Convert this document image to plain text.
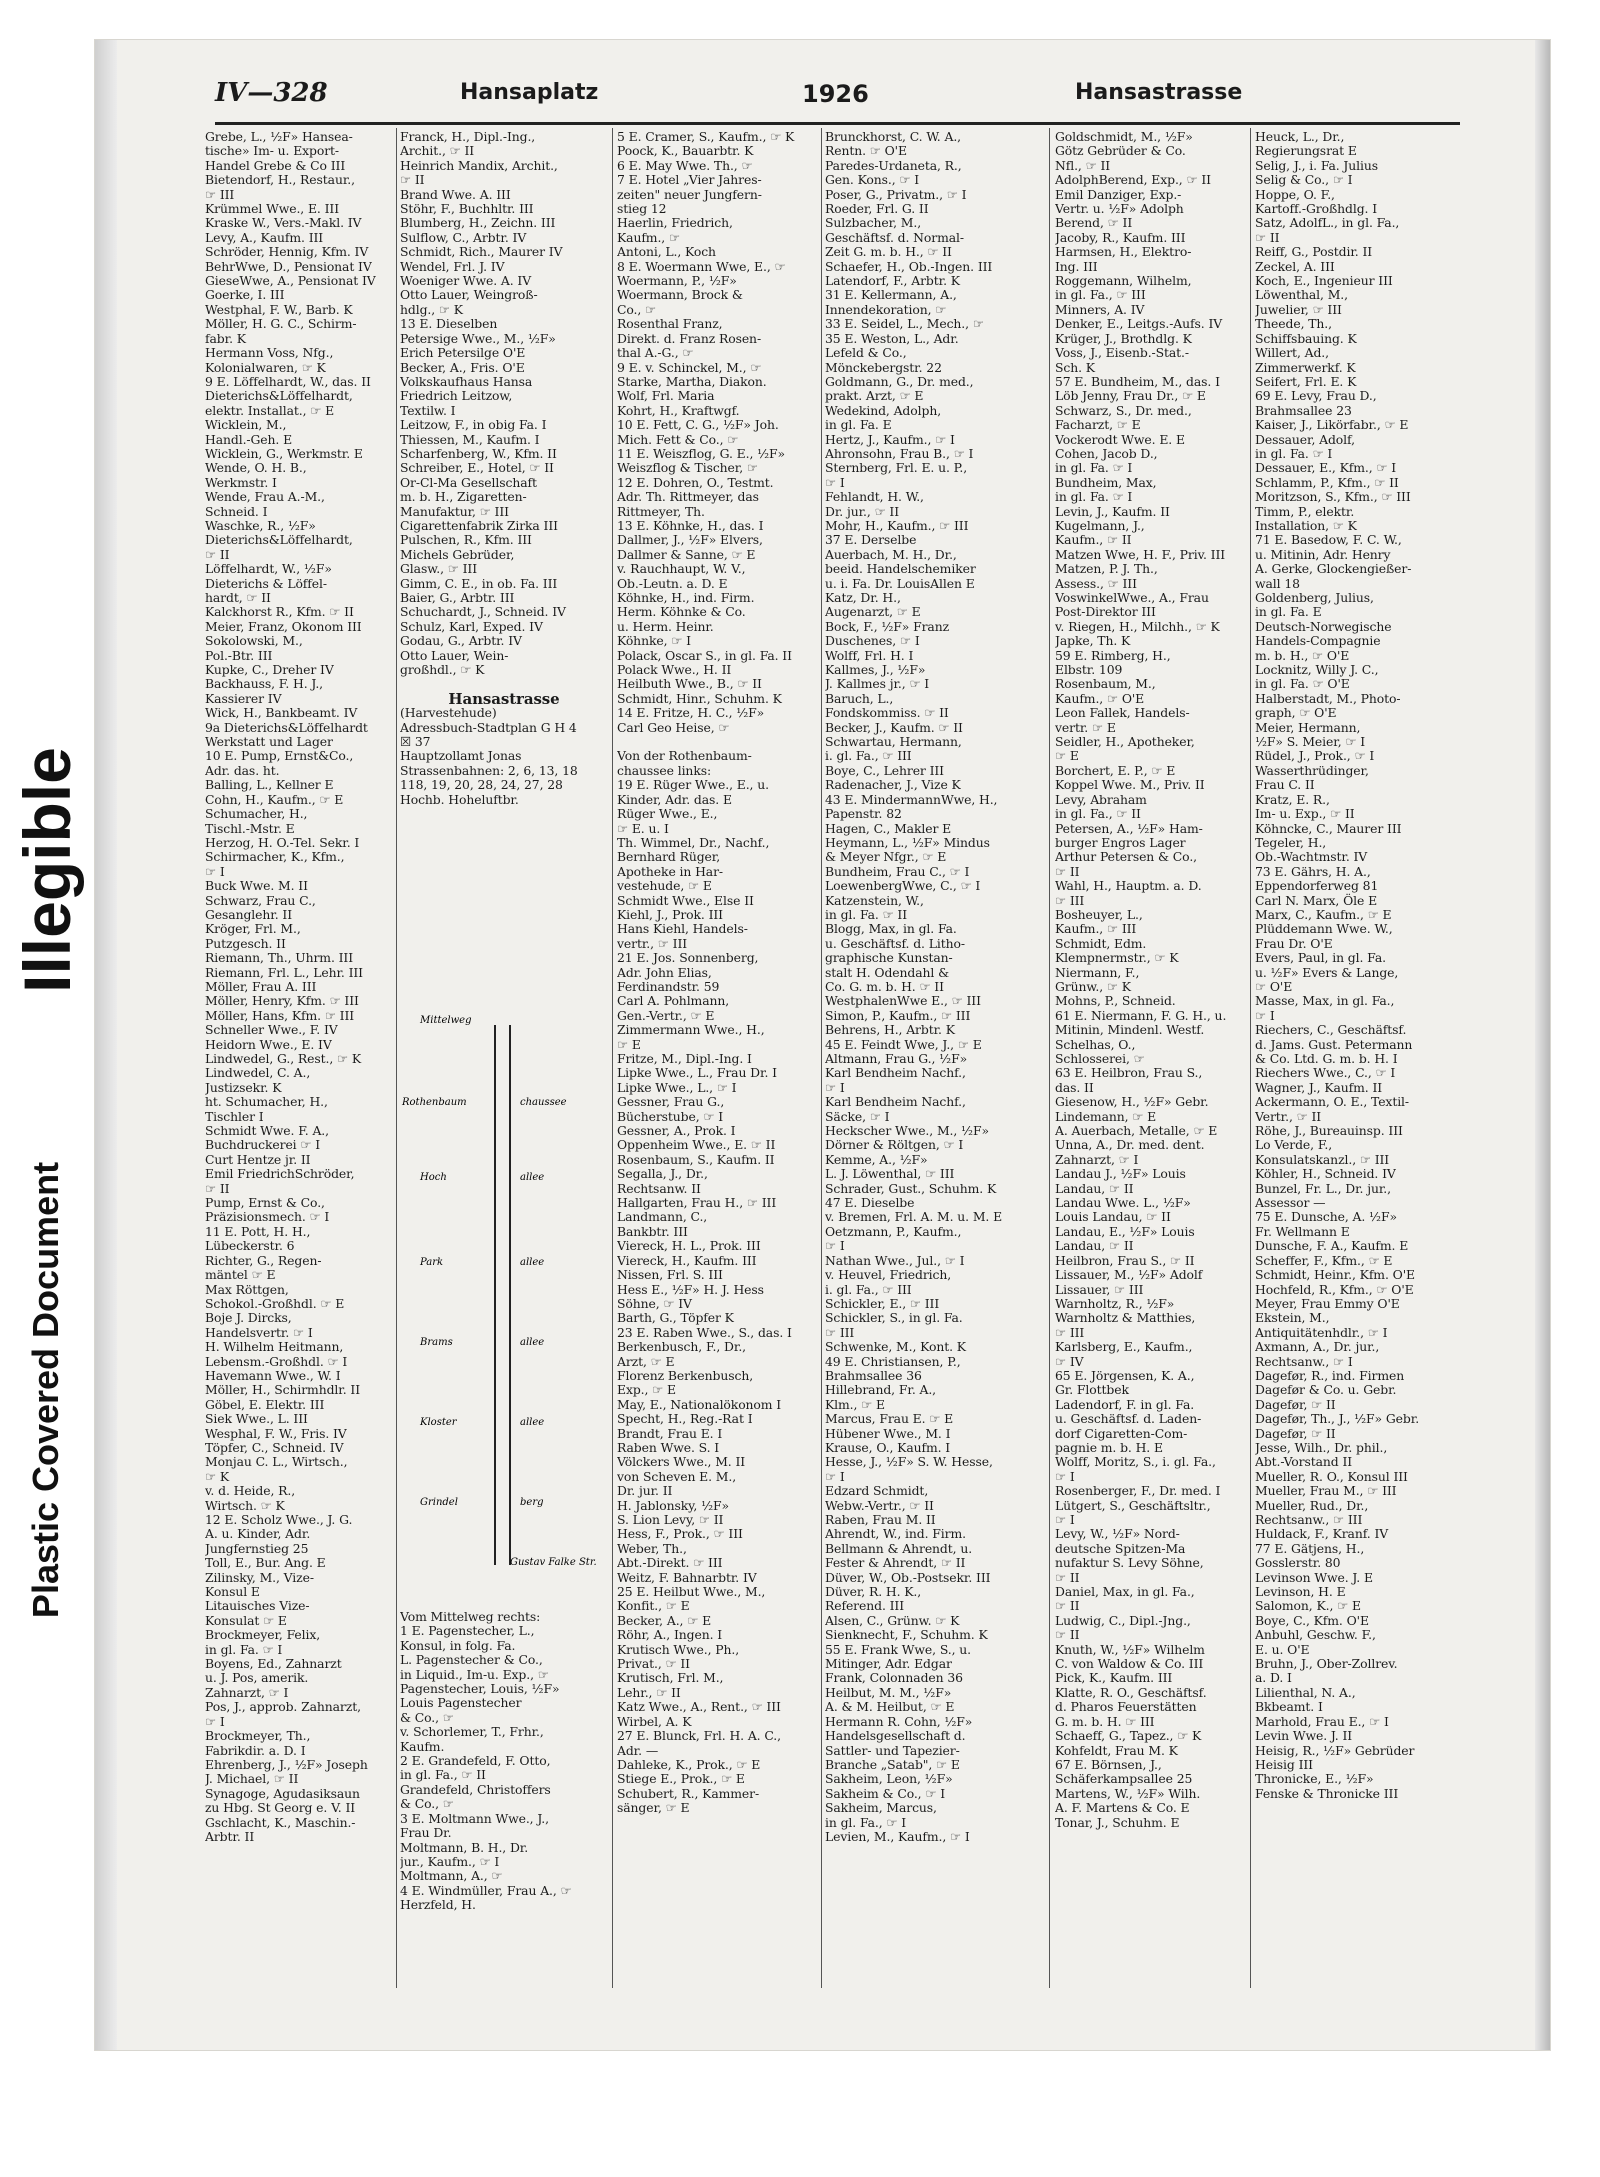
Illegible
Plastic Covered Document
IV—328	Hansaplatz	1926	Hansastrasse
Grebe, L., ½F» Hansea-
tische» Im- u. Export-
Handel Grebe & Co III
Bietendorf, H., Restaur.,
☞ III
Krümmel Wwe., E. III
Kraske W., Vers.-Makl. IV
Levy, A., Kaufm. III
Schröder, Hennig, Kfm. IV
BehrWwe, D., Pensionat IV
GieseWwe, A., Pensionat IV
Goerke, I. III
Westphal, F. W., Barb. K
Möller, H. G. C., Schirm-
fabr. K
Hermann Voss, Nfg.,
Kolonialwaren, ☞ K
9 E. Löffelhardt, W., das. II
Dieterichs&Löffelhardt,
elektr. Installat., ☞ E
Wicklein, M.,
Handl.-Geh. E
Wicklein, G., Werkmstr. E
Wende, O. H. B.,
Werkmstr. I
Wende, Frau A.-M.,
Schneid. I
Waschke, R., ½F»
Dieterichs&Löffelhardt,
☞ II
Löffelhardt, W., ½F»
Dieterichs & Löffel-
hardt, ☞ II
Kalckhorst R., Kfm. ☞ II
Meier, Franz, Okonom III
Sokolowski, M.,
Pol.-Btr. III
Kupke, C., Dreher IV
Backhauss, F. H. J.,
Kassierer IV
Wick, H., Bankbeamt. IV
9a Dieterichs&Löffelhardt
Werkstatt und Lager
10 E. Pump, Ernst&Co.,
Adr. das. ht.
Balling, L., Kellner E
Cohn, H., Kaufm., ☞ E
Schumacher, H.,
Tischl.-Mstr. E
Herzog, H. O.-Tel. Sekr. I
Schirmacher, K., Kfm.,
☞ I
Buck Wwe. M. II
Schwarz, Frau C.,
Gesanglehr. II
Kröger, Frl. M.,
Putzgesch. II
Riemann, Th., Uhrm. III
Riemann, Frl. L., Lehr. III
Möller, Frau A. III
Möller, Henry, Kfm. ☞ III
Möller, Hans, Kfm. ☞ III
Schneller Wwe., F. IV
Heidorn Wwe., E. IV
Lindwedel, G., Rest., ☞ K
Lindwedel, C. A.,
Justizsekr. K
ht. Schumacher, H.,
Tischler I
Schmidt Wwe. F. A.,
Buchdruckerei ☞ I
Curt Hentze jr. II
Emil FriedrichSchröder,
☞ II
Pump, Ernst & Co.,
Präzisionsmech. ☞ I
11 E. Pott, H. H.,
Lübeckerstr. 6
Richter, G., Regen-
mäntel ☞ E
Max Röttgen,
Schokol.-Großhdl. ☞ E
Boje J. Dircks,
Handelsvertr. ☞ I
H. Wilhelm Heitmann,
Lebensm.-Großhdl. ☞ I
Havemann Wwe., W. I
Möller, H., Schirmhdlr. II
Göbel, E. Elektr. III
Siek Wwe., L. III
Wesphal, F. W., Fris. IV
Töpfer, C., Schneid. IV
Monjau C. L., Wirtsch.,
☞ K
v. d. Heide, R.,
Wirtsch. ☞ K
12 E. Scholz Wwe., J. G.
A. u. Kinder, Adr.
Jungfernstieg 25
Toll, E., Bur. Ang. E
Zilinsky, M., Vize-
Konsul E
Litauisches Vize-
Konsulat ☞ E
Brockmeyer, Felix,
in gl. Fa. ☞ I
Boyens, Ed., Zahnarzt
u. J. Pos, amerik.
Zahnarzt, ☞ I
Pos, J., approb. Zahnarzt,
☞ I
Brockmeyer, Th.,
Fabrikdir. a. D. I
Ehrenberg, J., ½F» Joseph
J. Michael, ☞ II
Synagoge, Agudasiksaun
zu Hbg. St Georg e. V. II
Gschlacht, K., Maschin.-
Arbtr. II
Franck, H., Dipl.-Ing.,
Archit., ☞ II
Heinrich Mandix, Archit.,
☞ II
Brand Wwe. A. III
Stöhr, F., Buchhltr. III
Blumberg, H., Zeichn. III
Sulflow, C., Arbtr. IV
Schmidt, Rich., Maurer IV
Wendel, Frl. J. IV
Woeniger Wwe. A. IV
Otto Lauer, Weingroß-
hdlg., ☞ K
13 E. Dieselben
Petersige Wwe., M., ½F»
Erich Petersilge O'E
Becker, A., Fris. O'E
Volkskaufhaus Hansa
Friedrich Leitzow,
Textilw. I
Leitzow, F., in obig Fa. I
Thiessen, M., Kaufm. I
Scharfenberg, W., Kfm. II
Schreiber, E., Hotel, ☞ II
Or-Cl-Ma Gesellschaft
m. b. H., Zigaretten-
Manufaktur, ☞ III
Cigarettenfabrik Zirka III
Pulschen, R., Kfm. III
Michels Gebrüder,
Glasw., ☞ III
Gimm, C. E., in ob. Fa. III
Baier, G., Arbtr. III
Schuchardt, J., Schneid. IV
Schulz, Karl, Exped. IV
Godau, G., Arbtr. IV
Otto Lauer, Wein-
großhdl., ☞ K

Hansastrasse
(Harvestehude)
Adressbuch-Stadtplan G H 4
☒ 37
Hauptzollamt Jonas
Strassenbahnen: 2, 6, 13, 18
118, 19, 20, 28, 24, 27, 28
Hochb. Hoheluftbr.
5 E. Cramer, S., Kaufm., ☞ K
Poock, K., Bauarbtr. K
6 E. May Wwe. Th., ☞
7 E. Hotel „Vier Jahres-
zeiten" neuer Jungfern-
stieg 12
Haerlin, Friedrich,
Kaufm., ☞
Antoni, L., Koch
8 E. Woermann Wwe, E., ☞
Woermann, P., ½F»
Woermann, Brock &
Co., ☞
Rosenthal Franz,
Direkt. d. Franz Rosen-
thal A.-G., ☞
9 E. v. Schinckel, M., ☞
Starke, Martha, Diakon.
Wolf, Frl. Maria
Kohrt, H., Kraftwgf.
10 E. Fett, C. G., ½F» Joh.
Mich. Fett & Co., ☞
11 E. Weiszflog, G. E., ½F»
Weiszflog & Tischer, ☞
12 E. Dohren, O., Testmt.
Adr. Th. Rittmeyer, das
Rittmeyer, Th.
13 E. Köhnke, H., das. I
Dallmer, J., ½F» Elvers,
Dallmer & Sanne, ☞ E
v. Rauchhaupt, W. V.,
Ob.-Leutn. a. D. E
Köhnke, H., ind. Firm.
Herm. Köhnke & Co.
u. Herm. Heinr.
Köhnke, ☞ I
Polack, Oscar S., in gl. Fa. II
Polack Wwe., H. II
Heilbuth Wwe., B., ☞ II
Schmidt, Hinr., Schuhm. K
14 E. Fritze, H. C., ½F»
Carl Geo Heise, ☞

Von der Rothenbaum-
chaussee links:
19 E. Rüger Wwe., E., u.
Kinder, Adr. das. E
Rüger Wwe., E.,
☞ E. u. I
Th. Wimmel, Dr., Nachf.,
Bernhard Rüger,
Apotheke in Har-
vestehude, ☞ E
Schmidt Wwe., Else II
Kiehl, J., Prok. III
Hans Kiehl, Handels-
vertr., ☞ III
21 E. Jos. Sonnenberg,
Adr. John Elias,
Ferdinandstr. 59
Carl A. Pohlmann,
Gen.-Vertr., ☞ E
Zimmermann Wwe., H.,
☞ E
Fritze, M., Dipl.-Ing. I
Lipke Wwe., L., Frau Dr. I
Lipke Wwe., L., ☞ I
Gessner, Frau G.,
Bücherstube, ☞ I
Gessner, A., Prok. I
Oppenheim Wwe., E. ☞ II
Rosenbaum, S., Kaufm. II
Segalla, J., Dr.,
Rechtsanw. II
Hallgarten, Frau H., ☞ III
Landmann, C.,
Bankbtr. III
Viereck, H. L., Prok. III
Viereck, H., Kaufm. III
Nissen, Frl. S. III
Hess E., ½F» H. J. Hess
Söhne, ☞ IV
Barth, G., Töpfer K
23 E. Raben Wwe., S., das. I
Berkenbusch, F., Dr.,
Arzt, ☞ E
Florenz Berkenbusch,
Exp., ☞ E
May, E., Nationalökonom I
Specht, H., Reg.-Rat I
Brandt, Frau E. I
Raben Wwe. S. I
Völckers Wwe., M. II
von Scheven E. M.,
Dr. jur. II
H. Jablonsky, ½F»
S. Lion Levy, ☞ II
Hess, F., Prok., ☞ III
Weber, Th.,
Abt.-Direkt. ☞ III
Weitz, F. Bahnarbtr. IV
25 E. Heilbut Wwe., M.,
Konfit., ☞ E
Becker, A., ☞ E
Röhr, A., Ingen. I
Krutisch Wwe., Ph.,
Privat., ☞ II
Krutisch, Frl. M.,
Lehr., ☞ II
Katz Wwe., A., Rent., ☞ III
Wirbel, A. K
27 E. Blunck, Frl. H. A. C.,
Adr. —
Dahleke, K., Prok., ☞ E
Stiege E., Prok., ☞ E
Schubert, R., Kammer-
sänger, ☞ E
Brunckhorst, C. W. A.,
Rentn. ☞ O'E
Paredes-Urdaneta, R.,
Gen. Kons., ☞ I
Poser, G., Privatm., ☞ I
Roeder, Frl. G. II
Sulzbacher, M.,
Geschäftsf. d. Normal-
Zeit G. m. b. H., ☞ II
Schaefer, H., Ob.-Ingen. III
Latendorf, F., Arbtr. K
31 E. Kellermann, A.,
Innendekoration, ☞
33 E. Seidel, L., Mech., ☞
35 E. Weston, L., Adr.
Lefeld & Co.,
Mönckebergstr. 22
Goldmann, G., Dr. med.,
prakt. Arzt, ☞ E
Wedekind, Adolph,
in gl. Fa. E
Hertz, J., Kaufm., ☞ I
Ahronsohn, Frau B., ☞ I
Sternberg, Frl. E. u. P.,
☞ I
Fehlandt, H. W.,
Dr. jur., ☞ II
Mohr, H., Kaufm., ☞ III
37 E. Derselbe
Auerbach, M. H., Dr.,
beeid. Handelschemiker
u. i. Fa. Dr. LouisAllen E
Katz, Dr. H.,
Augenarzt, ☞ E
Bock, F., ½F» Franz
Duschenes, ☞ I
Wolff, Frl. H. I
Kallmes, J., ½F»
J. Kallmes jr., ☞ I
Baruch, L.,
Fondskommiss. ☞ II
Becker, J., Kaufm. ☞ II
Schwartau, Hermann,
i. gl. Fa., ☞ III
Boye, C., Lehrer III
Radenacher, J., Vize K
43 E. MindermannWwe, H.,
Papenstr. 82
Hagen, C., Makler E
Heymann, L., ½F» Mindus
& Meyer Nfgr., ☞ E
Bundheim, Frau C., ☞ I
LoewenbergWwe, C., ☞ I
Katzenstein, W.,
in gl. Fa. ☞ II
Blogg, Max, in gl. Fa.
u. Geschäftsf. d. Litho-
graphische Kunstan-
stalt H. Odendahl &
Co. G. m. b. H. ☞ II
WestphalenWwe E., ☞ III
Simon, P., Kaufm., ☞ III
Behrens, H., Arbtr. K
45 E. Feindt Wwe, J., ☞ E
Altmann, Frau G., ½F»
Karl Bendheim Nachf.,
☞ I
Karl Bendheim Nachf.,
Säcke, ☞ I
Heckscher Wwe., M., ½F»
Dörner & Röltgen, ☞ I
Kemme, A., ½F»
L. J. Löwenthal, ☞ III
Schrader, Gust., Schuhm. K
47 E. Dieselbe
v. Bremen, Frl. A. M. u. M. E
Oetzmann, P., Kaufm.,
☞ I
Nathan Wwe., Jul., ☞ I
v. Heuvel, Friedrich,
i. gl. Fa., ☞ III
Schickler, E., ☞ III
Schickler, S., in gl. Fa.
☞ III
Schwenke, M., Kont. K
49 E. Christiansen, P.,
Brahmsallee 36
Hillebrand, Fr. A.,
Klm., ☞ E
Marcus, Frau E. ☞ E
Hübener Wwe., M. I
Krause, O., Kaufm. I
Hesse, J., ½F» S. W. Hesse,
☞ I
Edzard Schmidt,
Webw.-Vertr., ☞ II
Raben, Frau M. II
Ahrendt, W., ind. Firm.
Bellmann & Ahrendt, u.
Fester & Ahrendt, ☞ II
Düver, W., Ob.-Postsekr. III
Düver, R. H. K.,
Referend. III
Alsen, C., Grünw. ☞ K
Sienknecht, F., Schuhm. K
55 E. Frank Wwe, S., u.
Mitinger, Adr. Edgar
Frank, Colonnaden 36
Heilbut, M. M., ½F»
A. & M. Heilbut, ☞ E
Hermann R. Cohn, ½F»
Handelsgesellschaft d.
Sattler- und Tapezier-
Branche „Satab", ☞ E
Sakheim, Leon, ½F»
Sakheim & Co., ☞ I
Sakheim, Marcus,
in gl. Fa., ☞ I
Levien, M., Kaufm., ☞ I
Goldschmidt, M., ½F»
Götz Gebrüder & Co.
Nfl., ☞ II
AdolphBerend, Exp., ☞ II
Emil Danziger, Exp.-
Vertr. u. ½F» Adolph
Berend, ☞ II
Jacoby, R., Kaufm. III
Harmsen, H., Elektro-
Ing. III
Roggemann, Wilhelm,
in gl. Fa., ☞ III
Minners, A. IV
Denker, E., Leitgs.-Aufs. IV
Krüger, J., Brothdlg. K
Voss, J., Eisenb.-Stat.-
Sch. K
57 E. Bundheim, M., das. I
Löb Jenny, Frau Dr., ☞ E
Schwarz, S., Dr. med.,
Facharzt, ☞ E
Vockerodt Wwe. E. E
Cohen, Jacob D.,
in gl. Fa. ☞ I
Bundheim, Max,
in gl. Fa. ☞ I
Levin, J., Kaufm. II
Kugelmann, J.,
Kaufm., ☞ II
Matzen Wwe, H. F., Priv. III
Matzen, P. J. Th.,
Assess., ☞ III
VoswinkelWwe., A., Frau
Post-Direktor III
v. Riegen, H., Milchh., ☞ K
Japke, Th. K
59 E. Rimberg, H.,
Elbstr. 109
Rosenbaum, M.,
Kaufm., ☞ O'E
Leon Fallek, Handels-
vertr. ☞ E
Seidler, H., Apotheker,
☞ E
Borchert, E. P., ☞ E
Koppel Wwe. M., Priv. II
Levy, Abraham
in gl. Fa., ☞ II
Petersen, A., ½F» Ham-
burger Engros Lager
Arthur Petersen & Co.,
☞ II
Wahl, H., Hauptm. a. D.
☞ III
Bosheuyer, L.,
Kaufm., ☞ III
Schmidt, Edm.
Klempnermstr., ☞ K
Niermann, F.,
Grünw., ☞ K
Mohns, P., Schneid.
61 E. Niermann, F. G. H., u.
Mitinin, Mindenl. Westf.
Schelhas, O.,
Schlosserei, ☞
63 E. Heilbron, Frau S.,
das. II
Giesenow, H., ½F» Gebr.
Lindemann, ☞ E
A. Auerbach, Metalle, ☞ E
Unna, A., Dr. med. dent.
Zahnarzt, ☞ I
Landau J., ½F» Louis
Landau, ☞ II
Landau Wwe. L., ½F»
Louis Landau, ☞ II
Landau, E., ½F» Louis
Landau, ☞ II
Heilbron, Frau S., ☞ II
Lissauer, M., ½F» Adolf
Lissauer, ☞ III
Warnholtz, R., ½F»
Warnholtz & Matthies,
☞ III
Karlsberg, E., Kaufm.,
☞ IV
65 E. Jörgensen, K. A.,
Gr. Flottbek
Ladendorf, F. in gl. Fa.
u. Geschäftsf. d. Laden-
dorf Cigaretten-Com-
pagnie m. b. H. E
Wolff, Moritz, S., i. gl. Fa.,
☞ I
Rosenberger, F., Dr. med. I
Lütgert, S., Geschäftsltr.,
☞ I
Levy, W., ½F» Nord-
deutsche Spitzen-Ma
nufaktur S. Levy Söhne,
☞ II
Daniel, Max, in gl. Fa.,
☞ II
Ludwig, C., Dipl.-Jng.,
☞ II
Knuth, W., ½F» Wilhelm
C. von Waldow & Co. III
Pick, K., Kaufm. III
Klatte, R. O., Geschäftsf.
d. Pharos Feuerstätten
G. m. b. H. ☞ III
Schaeff, G., Tapez., ☞ K
Kohfeldt, Frau M. K
67 E. Börnsen, J.,
Schäferkampsallee 25
Martens, W., ½F» Wilh.
A. F. Martens & Co. E
Tonar, J., Schuhm. E
Heuck, L., Dr.,
Regierungsrat E
Selig, J., i. Fa. Julius
Selig & Co., ☞ I
Hoppe, O. F.,
Kartoff.-Großhdlg. I
Satz, AdolfL., in gl. Fa.,
☞ II
Reiff, G., Postdir. II
Zeckel, A. III
Koch, E., Ingenieur III
Löwenthal, M.,
Juwelier, ☞ III
Theede, Th.,
Schiffsbauing. K
Willert, Ad.,
Zimmerwerkf. K
Seifert, Frl. E. K
69 E. Levy, Frau D.,
Brahmsallee 23
Kaiser, J., Likörfabr., ☞ E
Dessauer, Adolf,
in gl. Fa. ☞ I
Dessauer, E., Kfm., ☞ I
Schlamm, P., Kfm., ☞ II
Moritzson, S., Kfm., ☞ III
Timm, P., elektr.
Installation, ☞ K
71 E. Basedow, F. C. W.,
u. Mitinin, Adr. Henry
A. Gerke, Glockengießer-
wall 18
Goldenberg, Julius,
in gl. Fa. E
Deutsch-Norwegische
Handels-Compagnie
m. b. H., ☞ O'E
Locknitz, Willy J. C.,
in gl. Fa. ☞ O'E
Halberstadt, M., Photo-
graph, ☞ O'E
Meier, Hermann,
½F» S. Meier, ☞ I
Rüdel, J., Prok., ☞ I
Wasserthrüdinger,
Frau C. II
Kratz, E. R.,
Im- u. Exp., ☞ II
Köhncke, C., Maurer III
Tegeler, H.,
Ob.-Wachtmstr. IV
73 E. Gährs, H. A.,
Eppendorferweg 81
Carl N. Marx, Öle E
Marx, C., Kaufm., ☞ E
Plüddemann Wwe. W.,
Frau Dr. O'E
Evers, Paul, in gl. Fa.
u. ½F» Evers & Lange,
☞ O'E
Masse, Max, in gl. Fa.,
☞ I
Riechers, C., Geschäftsf.
d. Jams. Gust. Petermann
& Co. Ltd. G. m. b. H. I
Riechers Wwe., C., ☞ I
Wagner, J., Kaufm. II
Ackermann, O. E., Textil-
Vertr., ☞ II
Röhe, J., Bureauinsp. III
Lo Verde, F.,
Konsulatskanzl., ☞ III
Köhler, H., Schneid. IV
Bunzel, Fr. L., Dr. jur.,
Assessor —
75 E. Dunsche, A. ½F»
Fr. Wellmann E
Dunsche, F. A., Kaufm. E
Scheffer, F., Kfm., ☞ E
Schmidt, Heinr., Kfm. O'E
Hochfeld, R., Kfm., ☞ O'E
Meyer, Frau Emmy O'E
Ekstein, M.,
Antiquitätenhdlr., ☞ I
Axmann, A., Dr. jur.,
Rechtsanw., ☞ I
Dagefør, R., ind. Firmen
Dagefør & Co. u. Gebr.
Dagefør, ☞ II
Dagefør, Th., J., ½F» Gebr.
Dagefør, ☞ II
Jesse, Wilh., Dr. phil.,
Abt.-Vorstand II
Mueller, R. O., Konsul III
Mueller, Frau M., ☞ III
Mueller, Rud., Dr.,
Rechtsanw., ☞ III
Huldack, F., Kranf. IV
77 E. Gätjens, H.,
Gosslerstr. 80
Levinson Wwe. J. E
Levinson, H. E
Salomon, K., ☞ E
Boye, C., Kfm. O'E
Anbuhl, Geschw. F.,
E. u. O'E
Bruhn, J., Ober-Zollrev.
a. D. I
Lilienthal, N. A.,
Bkbeamt. I
Marhold, Frau E., ☞ I
Levin Wwe. J. II
Heisig, R., ½F» Gebrüder
Heisig III
Thronicke, E., ½F»
Fenske & Thronicke III
Mittelweg
Rothenbaum	chaussee
Hoch	allee
Park	allee
Brams	allee
Kloster	allee
Grindel	berg
Gustav Falke Str.
Vom Mittelweg rechts:
1 E. Pagenstecher, L.,
Konsul, in folg. Fa.
L. Pagenstecher & Co.,
in Liquid., Im-u. Exp., ☞
Pagenstecher, Louis, ½F»
Louis Pagenstecher
& Co., ☞
v. Schorlemer, T., Frhr.,
Kaufm.
2 E. Grandefeld, F. Otto,
in gl. Fa., ☞ II
Grandefeld, Christoffers
& Co., ☞
3 E. Moltmann Wwe., J.,
Frau Dr.
Moltmann, B. H., Dr.
jur., Kaufm., ☞ I
Moltmann, A., ☞
4 E. Windmüller, Frau A., ☞
Herzfeld, H.
